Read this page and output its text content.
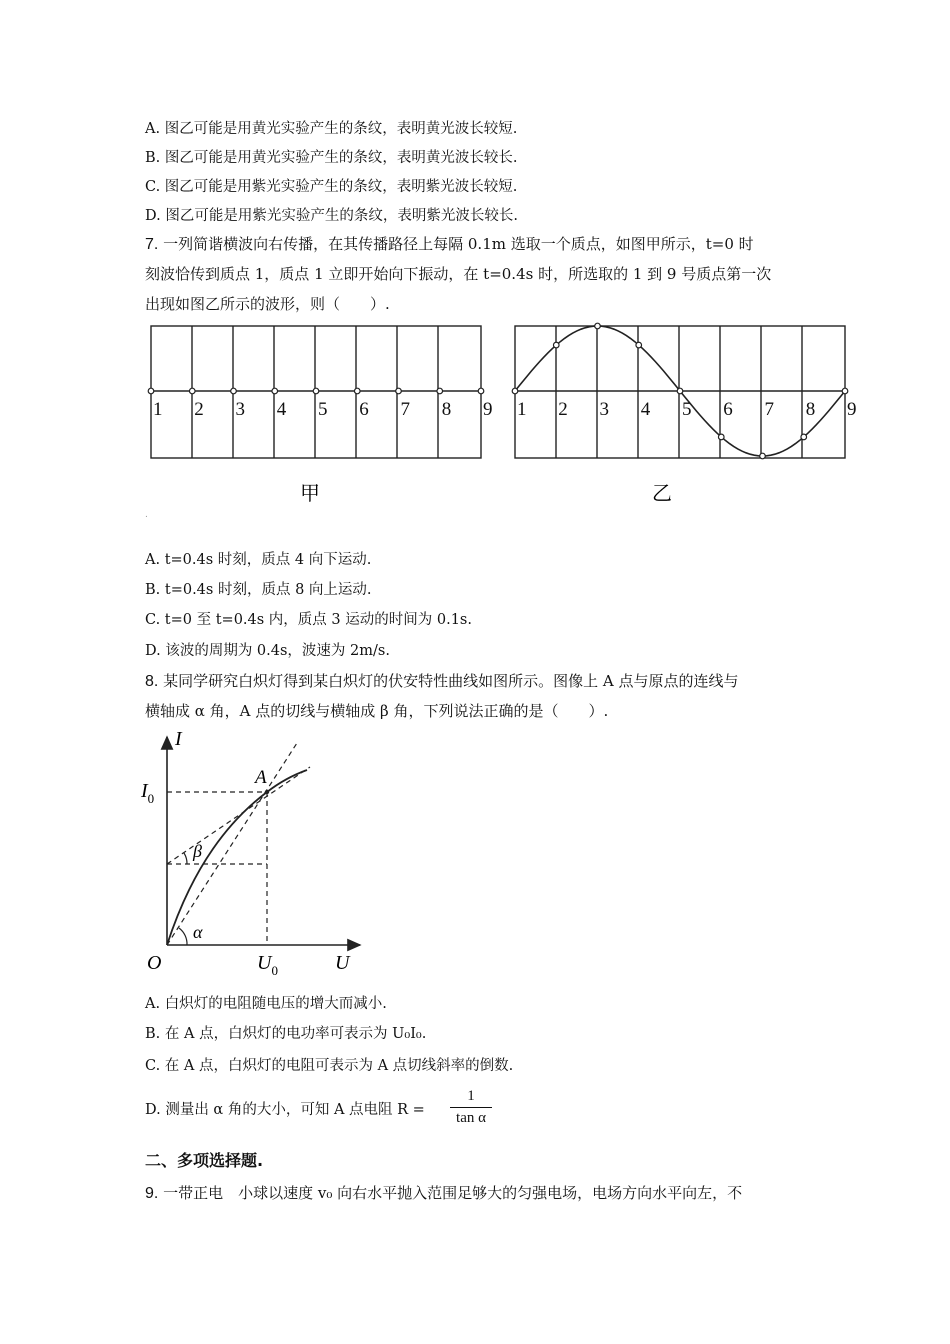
A. 图乙可能是用黄光实验产生的条纹，表明黄光波长较短.
B. 图乙可能是用黄光实验产生的条纹，表明黄光波长较长.
C. 图乙可能是用紫光实验产生的条纹，表明紫光波长较短.
D. 图乙可能是用紫光实验产生的条纹，表明紫光波长较长.
7. 一列简谐横波向右传播，在其传播路径上每隔 0.1m 选取一个质点，如图甲所示，t=0 时
刻波恰传到质点 1，质点 1 立即开始向下振动，在 t=0.4s 时，所选取的 1 到 9 号质点第一次
出现如图乙所示的波形，则（　　）.
1 2 3 4 5 6 7 8 9
甲
1 2 3 4 5 6 7 8 9
乙
.
A. t=0.4s 时刻，质点 4 向下运动.
B. t=0.4s 时刻，质点 8 向上运动.
C. t=0 至 t=0.4s 内，质点 3 运动的时间为 0.1s.
D. 该波的周期为 0.4s，波速为 2m/s.
8. 某同学研究白炽灯得到某白炽灯的伏安特性曲线如图所示。图像上 A 点与原点的连线与
横轴成 α 角，A 点的切线与横轴成 β 角，下列说法正确的是（　　）.
I
U
O
$I_0$
$U_0$
A
α
β
A. 白炽灯的电阻随电压的增大而减小.
B. 在 A 点，白炽灯的电功率可表示为 U₀I₀.
C. 在 A 点，白炽灯的电阻可表示为 A 点切线斜率的倒数.
D. 测量出 α 角的大小，可知 A 点电阻 $R = \frac{1}{\text{tan α}}$
二、多项选择题.
9. 一带正电　小球以速度 v₀ 向右水平抛入范围足够大的匀强电场，电场方向水平向左，不
